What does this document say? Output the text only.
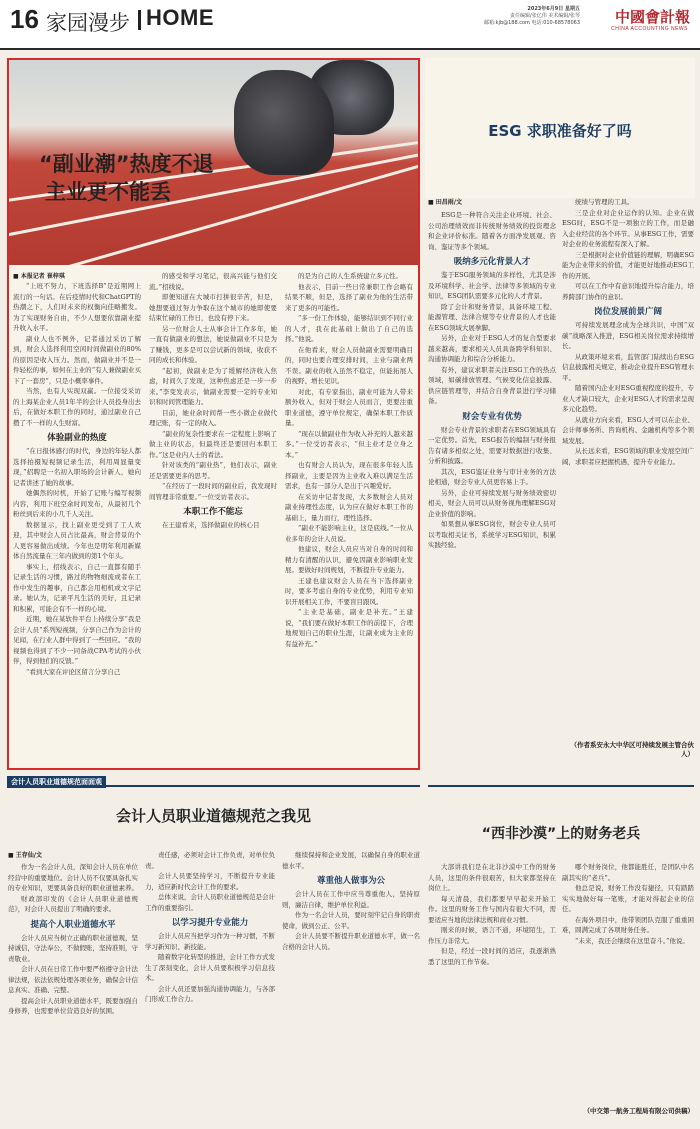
16 家园漫步 HOME	2023年6月9日 星期五
责任编辑/张亿伟 美术编辑/张琴
邮箱:kjb@188.com 电话:010-68578063 中國會計報
CHINA ACCOUNTING NEWS
“副业潮”热度不退
主业更不能丢
■ 本报记者 崔梓琪

“上班不努力，下班选择B”是近期网上流行的一句话。在后疫情时代和ChatGPT的热潮之下，人们对未来的权衡向佳略搬发。为了实现财务自由，不少人想要依靠副业提升收入水平。

副业人也不例外，记者通过采访了解到，财会人选择利用空闲时间做副业的80%的原因是收入压力。然而，做副业并不是一件轻松的事，如何在主业的“有人兼做副业买下了一套房”，只是小概率事件。

当然，也有人实现双赢。一位接受采访的上海某企业人员1年半的会计人员投身出去后，在做好本职工作的同时，通过副业自己攒了不一样的人生财富。

体验副业的热度

“在日报体感行的时代，身边的年轻人都选择拍摄短视频记录生活，利用周显量变现，”招聘是一名初入职场的会计新人，她向记者讲述了她的故事。

她偶然的时机，开始了记账与编写视频内容，利用下班空余时间发布，从最初几个粉丝到后来的小几千人关注。

数据显示，找上副业更受到了工人欢迎，其中财会人员占比最高，财会背景的个人更容易做出成绩。今年也是明年利用新媒体自然流量在三年内做到的第1个年头。

事实上，招线表示，自己一直都有随手记录生活的习惯，路过的物物细流或者在工作中发生的趣事，自己都会用相机或文字记录。她认为，记录平凡生活的美好，且记录和积累，可能会有不一样的心境。

近期，她在某软件平台上持续分享“我是会计人员”系列短视频，分享自己作为会计的见闻，在行业人群中得到了一些回应。“我的视频也得到了不少一同备战CPA考试的小伙伴，得到他们的反馈。”

“看到大家在评论区留言分享自己

的感受和学习笔记，很高兴能与他们交流。”招线说。

即便知道在大城市打拼很辛苦，但是，她想要通过努力争取在这个城市的她即使要结束忙碌的工作日，也没有停下来。

另一位财会人士从事会计工作多年，她一直有做副业的想法，她说做副业不只是为了赚钱，更多是可以尝试新的领域，收获不同的成长和体验。

“起初，做副业是为了缓解经济收入焦虑，时间久了发现，这种焦虑还是一步一步来。”李变发表示，做副业需要一定的专业知识和时间管理能力。

目前，她业余时间帮一些小微企业做代理记账，有一定的收入。

“副业的复杂性要求在一定程度上影响了做主业的状态，但最终还是要回归本职工作。”这是业内人士的看法。

针对该类的“副业热”，他们表示，副业还是需要更多的思考。

“在经历了一段时间的副业后，我发现时间管理非常重要。”一位受访者表示。

本职工作不能忘

在王建看来，选择做副业的核心目

的是为自己的人生系统建立多元性。

他表示，目前一些日常兼职工作会略有结果不顺，但是，选择了副业为他的生活带来了更多的可能性。

“多一份工作体验，能够结识到不同行业的人才，我在此基础上做出了自己的选择。”他说。

在他看来，财会人员做副业需要明确目的，同时也要合理安排时间，主业与副业两不误。副业的收入虽然不稳定，但能拓展人的视野、增长见识。

对此，有专家指出，副业可能为人带来额外收入，但对于财会人员而言，更要注重职业道德，遵守单位规定，确保本职工作质量。

“现在以做副业作为收入补充的人越来越多。”一位受访者表示，“但主业才是立身之本。”

也有财会人员认为，现在很多年轻人选择副业，主要是因为主业收入难以满足生活需求，也有一部分人是出于兴趣爱好。

在采访中记者发现，大多数财会人员对副业持理性态度，认为应在做好本职工作的基础上，量力而行，理性选择。

“副业不能影响主业，这是底线。”一位从业多年的会计人员说。

他建议，财会人员应当对自身的时间和精力有清醒的认识，避免因副业影响职业发展。要做好时间规划，不断提升专业能力。

王建也建议财会人员在当下选择副业时，要多考虑自身的专业优势，利用专业知识开展相关工作，不要盲目跟风。

“主业是基础，副业是补充。”王建说，“我们要在做好本职工作的前提下，合理地规划自己的职业生涯，让副业成为主业的有益补充。”

ESG 求职准备好了吗
■ 田昌雨/文

ESG是一种符合关注企业环境、社会、公司治理绩效而非传统财务绩效的投资理念和企业评价标准。随着各方面净发展观、咨询、鉴证等多个领域。

吸纳多元化背景人才

鉴于ESG服务领域的多样性，尤其是涉及环境科学、社会学、法律等多领域的专业知识，ESG团队需要多元化的人才背景。

除了会计和财务背景，具备环境工程、能源管理、法律合规等专业背景的人才也能在ESG领域大展拳脚。

另外，企业对于ESG人才的复合型要求越来越高，要求相关人员具备跨学科知识、沟通协调能力和综合分析能力。

有外，建议求职者关注ESG工作的热点领域，如碳排放管理、气候变化信息披露、供应链管理等，并结合自身背景进行学习储备。

财会专业有优势

财会专业背景的求职者在ESG领域具有一定优势。首先，ESG报告的编制与财务报告有诸多相似之处，需要对数据进行收集、分析和披露。

其次，ESG鉴证业务与审计业务的方法论相通，财会专业人员更容易上手。

另外，企业可持续发展与财务绩效密切相关，财会人员可以从财务视角理解ESG对企业价值的影响。

如果想从事ESG岗位，财会专业人员可以考取相关证书，系统学习ESG知识，积累实践经验。

统绩与管理的工具。

三是企业对企业运作的认知。企业在做ESG时，ESG不是一项独立的工作，而是融入企业经营的各个环节。从事ESG工作，需要对企业的业务流程有深入了解。

三是根据对企业价值链的理解，明确ESG能为企业带来的价值，才能更好地推动ESG工作的开展。

可以在工作中有意识地提升综合能力，培养跨部门协作的意识。

岗位发展前景广阔

可持续发展理念成为全球共识，中国“双碳”战略深入推进，ESG相关岗位需求持续增长。

从政策环境来看，监管部门陆续出台ESG信息披露相关规定，推动企业提升ESG管理水平。

随着国内企业对ESG重视程度的提升，专业人才缺口较大，企业对ESG人才的需求呈现多元化趋势。

从就业方向来看，ESG人才可以在企业、会计师事务所、咨询机构、金融机构等多个领域发展。

从长远来看，ESG领域的职业发展空间广阔，求职者应把握机遇，提升专业能力。

（作者系安永大中华区可持续发展主管合伙人）
会计人员职业道德规范面面观
会计人员职业道德规范之我见
■ 王存仙/文

作为一名会计人员，深知会计人员在单位经营中的重要地位。会计人员不仅要具备扎实的专业知识，更要具备良好的职业道德素养。

财政部印发的《会计人员职业道德规范》，对会计人员提出了明确的要求。

提高个人职业道德水平

会计人员应当树立正确的职业道德观，坚持诚信，守法奉公，不做假账，坚持准则，守责敬业。

会计人员在日常工作中要严格遵守会计法律法规，依法依规处理各项业务，确保会计信息真实、准确、完整。

提高会计人员职业道德水平，既要加强自身修养，也需要单位营造良好的氛围。

责任感，必须对会计工作负责，对单位负责。

会计人员要坚持学习，不断提升专业能力，适应新时代会计工作的要求。

总体来说，会计人员职业道德规范是会计工作的重要指引。

以学习提升专业能力

会计人员应当把学习作为一种习惯，不断学习新知识、新技能。

随着数字化转型的推进，会计工作方式发生了深刻变化，会计人员要积极学习信息技术。

会计人员还要加强沟通协调能力，与各部门形成工作合力。

继续保持和企业发展，以确保自身的职业道德水平。

尊重他人做事为公

会计人员在工作中应当尊重他人，坚持原则，廉洁自律，维护单位利益。

作为一名会计人员，要时刻牢记自身的职责使命，做到公正、公平。

会计人员要不断提升职业道德水平，做一名合格的会计人员。

“西非沙漠”上的财务老兵

大部讲我们是在北非沙漠中工作的财务人员，这里的条件很艰苦，但大家都坚持在岗位上。

每天清晨，我们都要早早起来开始工作。这里的财务工作与国内有很大不同，需要适应当地的法律法规和商业习惯。

刚来的时候，语言不通，环境陌生，工作压力非常大。

但是，经过一段时间的适应，我逐渐熟悉了这里的工作节奏。

哪个财务岗位，他都能胜任，是团队中名副其实的“老兵”。

他总是说，财务工作没有捷径，只有踏踏实实地做好每一笔账，才能对得起企业的信任。

在海外项目中，他带领团队克服了重重困难，圆满完成了各项财务任务。

“未来，我还会继续在这里奋斗。”他说。

（中交第一航务工程局有限公司供稿）
